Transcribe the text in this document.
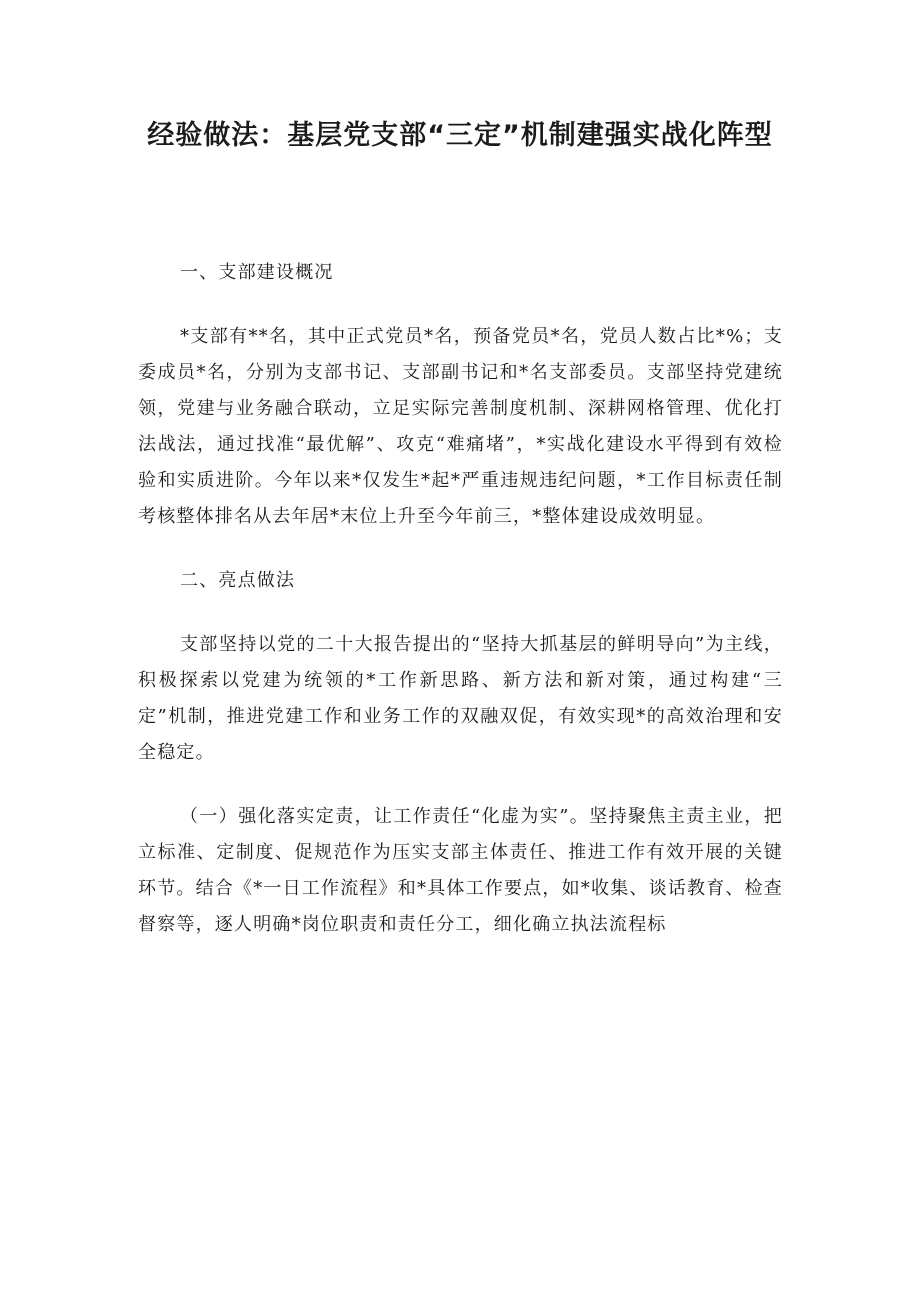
经验做法：基层党支部“三定”机制建强实战化阵型

一、支部建设概况

*支部有**名，其中正式党员*名，预备党员*名，党员人数占比*%；支委成员*名，分别为支部书记、支部副书记和*名支部委员。支部坚持党建统领，党建与业务融合联动，立足实际完善制度机制、深耕网格管理、优化打法战法，通过找准“最优解”、攻克“难痛堵”，*实战化建设水平得到有效检验和实质进阶。今年以来*仅发生*起*严重违规违纪问题，*工作目标责任制考核整体排名从去年居*末位上升至今年前三，*整体建设成效明显。

二、亮点做法

支部坚持以党的二十大报告提出的“坚持大抓基层的鲜明导向”为主线，积极探索以党建为统领的*工作新思路、新方法和新对策，通过构建“三定”机制，推进党建工作和业务工作的双融双促，有效实现*的高效治理和安全稳定。

（一）强化落实定责，让工作责任“化虚为实”。坚持聚焦主责主业，把立标准、定制度、促规范作为压实支部主体责任、推进工作有效开展的关键环节。结合《*一日工作流程》和*具体工作要点，如*收集、谈话教育、检查督察等，逐人明确*岗位职责和责任分工，细化确立执法流程标
